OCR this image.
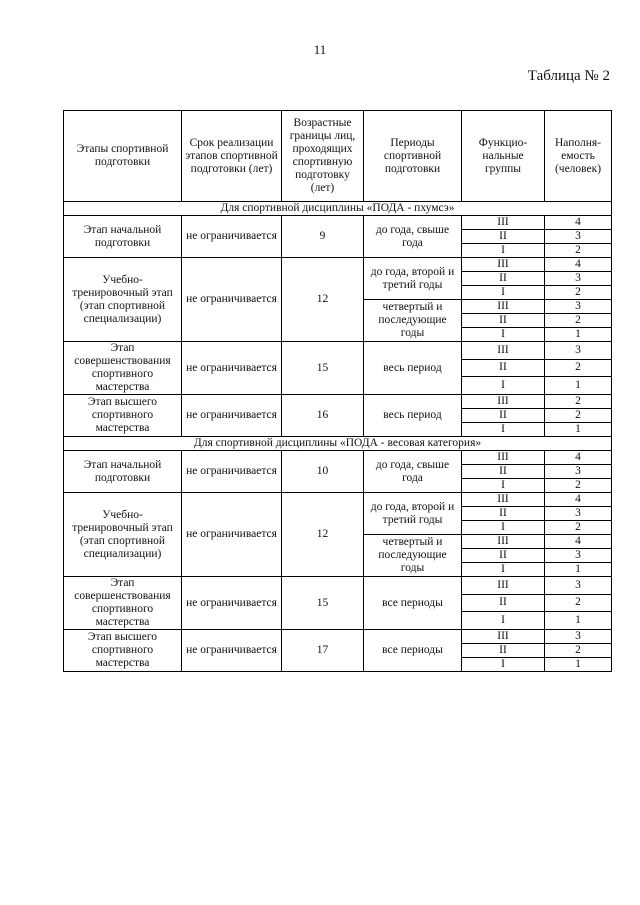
11
Таблица № 2
Этапы спортивной подготовки	Срок реализации этапов спортивной подготовки (лет)	Возрастные границы лиц, проходящих спортивную подготовку (лет)	Периоды спортивной подготовки	Функцио-нальные группы	Наполня-емость (человек)
Для спортивной дисциплины «ПОДА - пхумсэ»					
Этап начальной подготовки	не ограничивается	9	до года, свыше года	III	4
				II	3
				I	2
Учебно-тренировочный этап (этап спортивной специализации)	не ограничивается	12	до года, второй и третий годы	III	4
				II	3
				I	2
			четвертый и последующие годы	III	3
				II	2
				I	1
Этап совершенствования спортивного мастерства	не ограничивается	15	весь период	III	3
				II	2
				I	1
Этап высшего спортивного мастерства	не ограничивается	16	весь период	III	2
				II	2
				I	1
Для спортивной дисциплины «ПОДА - весовая категория»					
Этап начальной подготовки	не ограничивается	10	до года, свыше года	III	4
				II	3
				I	2
Учебно-тренировочный этап (этап спортивной специализации)	не ограничивается	12	до года, второй и третий годы	III	4
				II	3
				I	2
			четвертый и последующие годы	III	4
				II	3
				I	1
Этап совершенствования спортивного мастерства	не ограничивается	15	все периоды	III	3
				II	2
				I	1
Этап высшего спортивного мастерства	не ограничивается	17	все периоды	III	3
				II	2
				I	1
